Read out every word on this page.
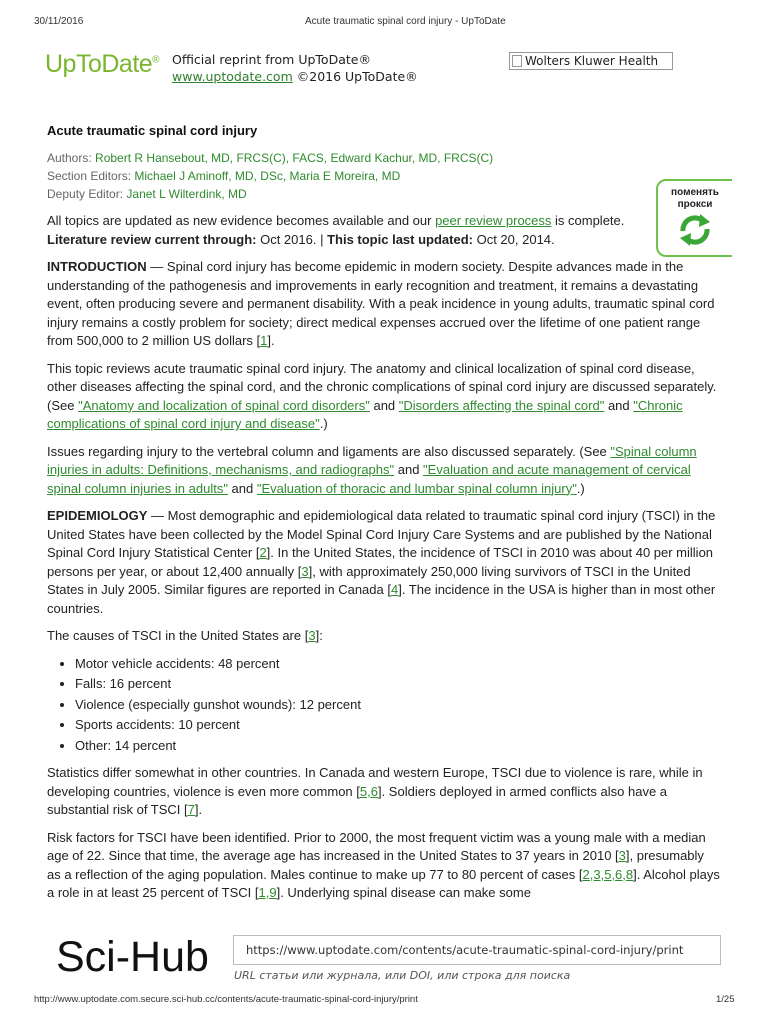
30/11/2016	Acute traumatic spinal cord injury - UpToDate
UpToDate® Official reprint from UpToDate®
www.uptodate.com ©2016 UpToDate®
Wolters Kluwer Health
Acute traumatic spinal cord injury
Authors: Robert R Hansebout, MD, FRCS(C), FACS, Edward Kachur, MD, FRCS(C)
Section Editors: Michael J Aminoff, MD, DSc, Maria E Moreira, MD
Deputy Editor: Janet L Wilterdink, MD

All topics are updated as new evidence becomes available and our peer review process is complete.
Literature review current through: Oct 2016. | This topic last updated: Oct 20, 2014.

INTRODUCTION — Spinal cord injury has become epidemic in modern society. Despite advances made in the understanding of the pathogenesis and improvements in early recognition and treatment, it remains a devastating event, often producing severe and permanent disability. With a peak incidence in young adults, traumatic spinal cord injury remains a costly problem for society; direct medical expenses accrued over the lifetime of one patient range from 500,000 to 2 million US dollars [1].

This topic reviews acute traumatic spinal cord injury. The anatomy and clinical localization of spinal cord disease, other diseases affecting the spinal cord, and the chronic complications of spinal cord injury are discussed separately. (See "Anatomy and localization of spinal cord disorders" and "Disorders affecting the spinal cord" and "Chronic complications of spinal cord injury and disease".)

Issues regarding injury to the vertebral column and ligaments are also discussed separately. (See "Spinal column injuries in adults: Definitions, mechanisms, and radiographs" and "Evaluation and acute management of cervical spinal column injuries in adults" and "Evaluation of thoracic and lumbar spinal column injury".)

EPIDEMIOLOGY — Most demographic and epidemiological data related to traumatic spinal cord injury (TSCI) in the United States have been collected by the Model Spinal Cord Injury Care Systems and are published by the National Spinal Cord Injury Statistical Center [2]. In the United States, the incidence of TSCI in 2010 was about 40 per million persons per year, or about 12,400 annually [3], with approximately 250,000 living survivors of TSCI in the United States in July 2005. Similar figures are reported in Canada [4]. The incidence in the USA is higher than in most other countries.

The causes of TSCI in the United States are [3]:

• Motor vehicle accidents: 48 percent
• Falls: 16 percent
• Violence (especially gunshot wounds): 12 percent
• Sports accidents: 10 percent
• Other: 14 percent

Statistics differ somewhat in other countries. In Canada and western Europe, TSCI due to violence is rare, while in developing countries, violence is even more common [5,6]. Soldiers deployed in armed conflicts also have a substantial risk of TSCI [7].

Risk factors for TSCI have been identified. Prior to 2000, the most frequent victim was a young male with a median age of 22. Since that time, the average age has increased in the United States to 37 years in 2010 [3], presumably as a reflection of the aging population. Males continue to make up 77 to 80 percent of cases [2,3,5,6,8]. Alcohol plays a role in at least 25 percent of TSCI [1,9]. Underlying spinal disease can make some

поменять
прокси
Sci-Hub	https://www.uptodate.com/contents/acute-traumatic-spinal-cord-injury/print
URL статьи или журнала, или DOI, или строка для поиска
http://www.uptodate.com.secure.sci-hub.cc/contents/acute-traumatic-spinal-cord-injury/print	1/25
